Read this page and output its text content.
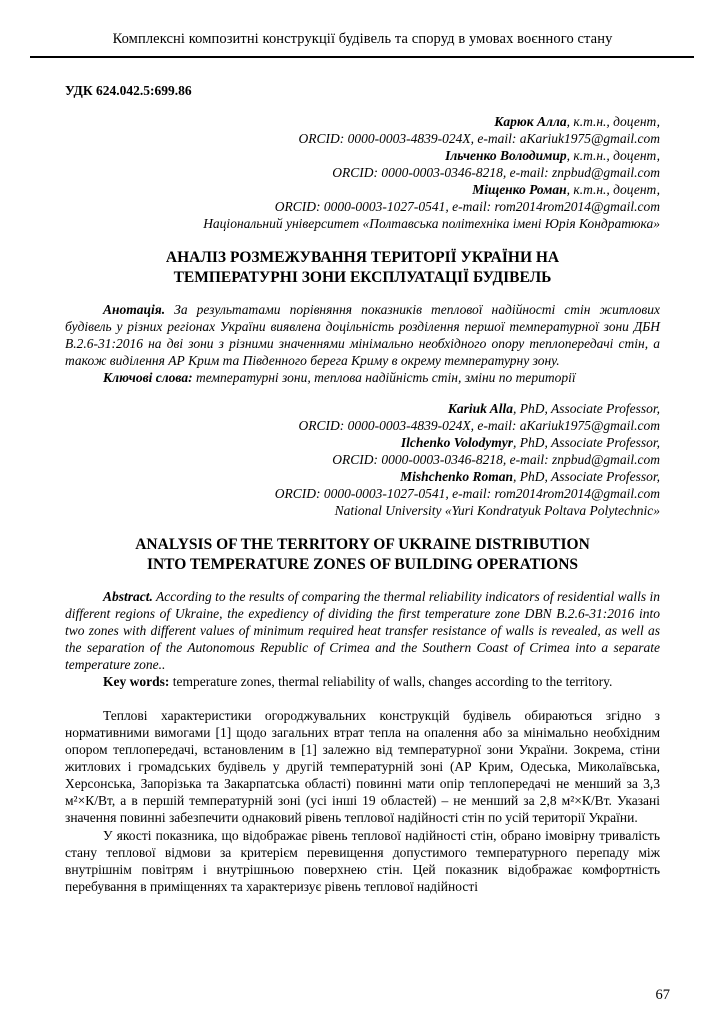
Комплексні композитні конструкції будівель та споруд в умовах воєнного стану

УДК 624.042.5:699.86

Карюк Алла, к.т.н., доцент,
ORCID: 0000-0003-4839-024X, e-mail: aKariuk1975@gmail.com
Ільченко Володимир, к.т.н., доцент,
ORCID: 0000-0003-0346-8218, e-mail: znpbud@gmail.com
Міщенко Роман, к.т.н., доцент,
ORCID: 0000-0003-1027-0541, e-mail: rom2014rom2014@gmail.com
Національний університет «Полтавська політехніка імені Юрія Кондратюка»
АНАЛІЗ РОЗМЕЖУВАННЯ ТЕРИТОРІЇ УКРАЇНИ НА
ТЕМПЕРАТУРНІ ЗОНИ ЕКСПЛУАТАЦІЇ БУДІВЕЛЬ

Анотація. За результатами порівняння показників теплової надійності стін житлових будівель у різних регіонах України виявлена доцільність розділення першої температурної зони ДБН В.2.6-31:2016 на дві зони з різними значеннями мінімально необхідного опору теплопередачі стін, а також виділення АР Крим та Південного берега Криму в окрему температурну зону.

Ключові слова: температурні зони, теплова надійність стін, зміни по території

Kariuk Alla, PhD, Associate Professor,
ORCID: 0000-0003-4839-024X, e-mail: aKariuk1975@gmail.com
Ilchenko Volodymyr, PhD, Associate Professor,
ORCID: 0000-0003-0346-8218, e-mail: znpbud@gmail.com
Mishchenko Roman, PhD, Associate Professor,
ORCID: 0000-0003-1027-0541, e-mail: rom2014rom2014@gmail.com
National University «Yuri Kondratyuk Poltava Polytechnic»
ANALYSIS OF THE TERRITORY OF UKRAINE DISTRIBUTION
INTO TEMPERATURE ZONES OF BUILDING OPERATIONS

Abstract. According to the results of comparing the thermal reliability indicators of residential walls in different regions of Ukraine, the expediency of dividing the first temperature zone DBN B.2.6-31:2016 into two zones with different values of minimum required heat transfer resistance of walls is revealed, as well as the separation of the Autonomous Republic of Crimea and the Southern Coast of Crimea into a separate temperature zone..

Key words: temperature zones, thermal reliability of walls, changes according to the territory.

Теплові характеристики огороджувальних конструкцій будівель обираються згідно з нормативними вимогами [1] щодо загальних втрат тепла на опалення або за мінімально необхідним опором теплопередачі, встановленим в [1] залежно від температурної зони України. Зокрема, стіни житлових і громадських будівель у другій температурній зоні (АР Крим, Одеська, Миколаївська, Херсонська, Запорізька та Закарпатська області) повинні мати опір теплопередачі не менший за 3,3 м²×К/Вт, а в першій температурній зоні (усі інші 19 областей) – не менший за 2,8 м²×К/Вт. Указані значення повинні забезпечити однаковий рівень теплової надійності стін по усій території України.

У якості показника, що відображає рівень теплової надійності стін, обрано імовірну тривалість стану теплової відмови за критерієм перевищення допустимого температурного перепаду між внутрішнім повітрям і внутрішньою поверхнею стін. Цей показник відображає комфортність перебування в приміщеннях та характеризує рівень теплової надійності

67
